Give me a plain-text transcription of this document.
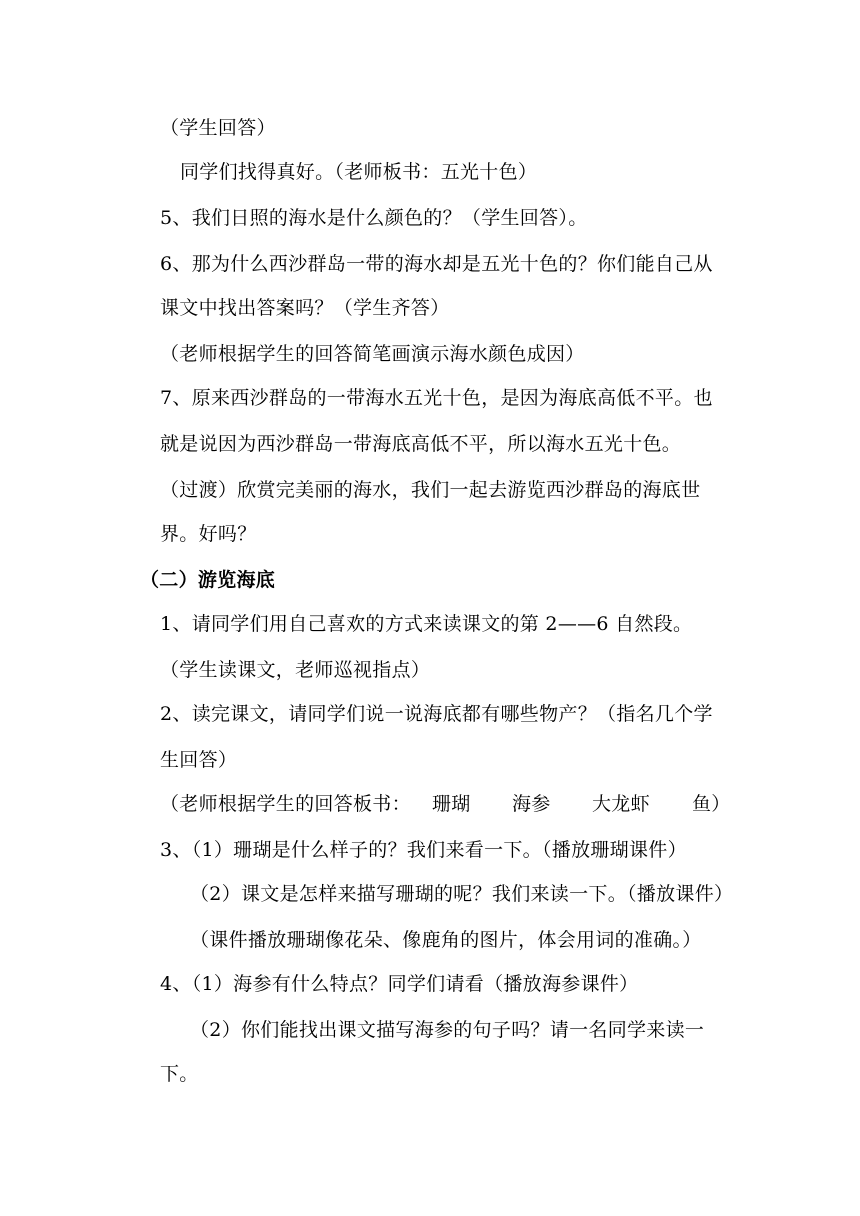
（学生回答）
同学们找得真好。（老师板书：五光十色）
5、我们日照的海水是什么颜色的？（学生回答）。
6、那为什么西沙群岛一带的海水却是五光十色的？你们能自己从
课文中找出答案吗？（学生齐答）
（老师根据学生的回答简笔画演示海水颜色成因）
7、原来西沙群岛的一带海水五光十色，是因为海底高低不平。也
就是说因为西沙群岛一带海底高低不平，所以海水五光十色。
（过渡）欣赏完美丽的海水，我们一起去游览西沙群岛的海底世
界。好吗？
（二）游览海底
1、请同学们用自己喜欢的方式来读课文的第 2——6 自然段。
（学生读课文，老师巡视指点）
2、读完课文，请同学们说一说海底都有哪些物产？（指名几个学
生回答）
（老师根据学生的回答板书： 珊瑚 海参 大龙虾 鱼）
3、（1）珊瑚是什么样子的？我们来看一下。（播放珊瑚课件）
（2）课文是怎样来描写珊瑚的呢？我们来读一下。（播放课件）
（课件播放珊瑚像花朵、像鹿角的图片，体会用词的准确。）
4、（1）海参有什么特点？同学们请看（播放海参课件）
（2）你们能找出课文描写海参的句子吗？请一名同学来读一
下。
